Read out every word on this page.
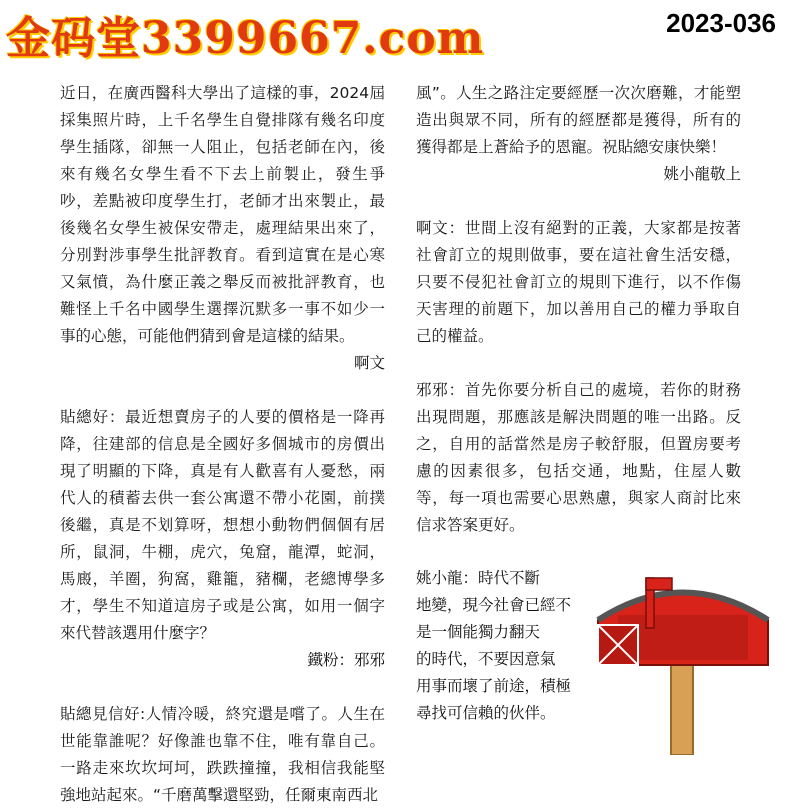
金码堂3399667.com	2023-036

近日，在廣西醫科大學出了這樣的事，2024屆採集照片時，上千名學生自覺排隊有幾名印度學生插隊，卻無一人阻止，包括老師在內，後來有幾名女學生看不下去上前製止，發生爭吵，差點被印度學生打，老師才出來製止，最後幾名女學生被保安帶走，處理結果出來了，分別對涉事學生批評教育。看到這實在是心寒又氣憤，為什麼正義之舉反而被批評教育，也難怪上千名中國學生選擇沉默多一事不如少一事的心態，可能他們猜到會是這樣的結果。

啊文

貼總好：最近想賣房子的人要的價格是一降再降，往建部的信息是全國好多個城市的房價出現了明顯的下降，真是有人歡喜有人憂愁，兩代人的積蓄去供一套公寓還不帶小花園，前撲後繼，真是不划算呀，想想小動物們個個有居所，鼠洞，牛棚，虎穴，兔窟，龍潭，蛇洞，馬廄，羊圈，狗窩，雞籠，豬欄，老總博學多才，學生不知道這房子或是公寓，如用一個字來代替該選用什麼字？

鐵粉：邪邪

貼總見信好:人情冷暖，終究還是嚐了。人生在世能靠誰呢？好像誰也靠不住，唯有靠自己。一路走來坎坎坷坷，跌跌撞撞，我相信我能堅強地站起來。“千磨萬擊還堅勁，任爾東南西北

風”。人生之路注定要經歷一次次磨難，才能塑造出與眾不同，所有的經歷都是獲得，所有的獲得都是上蒼給予的恩寵。祝貼總安康快樂！

姚小龍敬上

啊文：世間上沒有絕對的正義，大家都是按著社會訂立的規則做事，要在這社會生活安穩，只要不侵犯社會訂立的規則下進行，以不作傷天害理的前題下，加以善用自己的權力爭取自己的權益。

邪邪：首先你要分析自己的處境，若你的財務出現問題，那應該是解決問題的唯一出路。反之，自用的話當然是房子較舒服，但置房要考慮的因素很多，包括交通，地點，住屋人數等，每一項也需要心思熟慮，與家人商討比來信求答案更好。

姚小龍：時代不斷
地變，現今社會已經不
是一個能獨力翻天
的時代，不要因意氣
用事而壞了前途，積極
尋找可信賴的伙伴。
